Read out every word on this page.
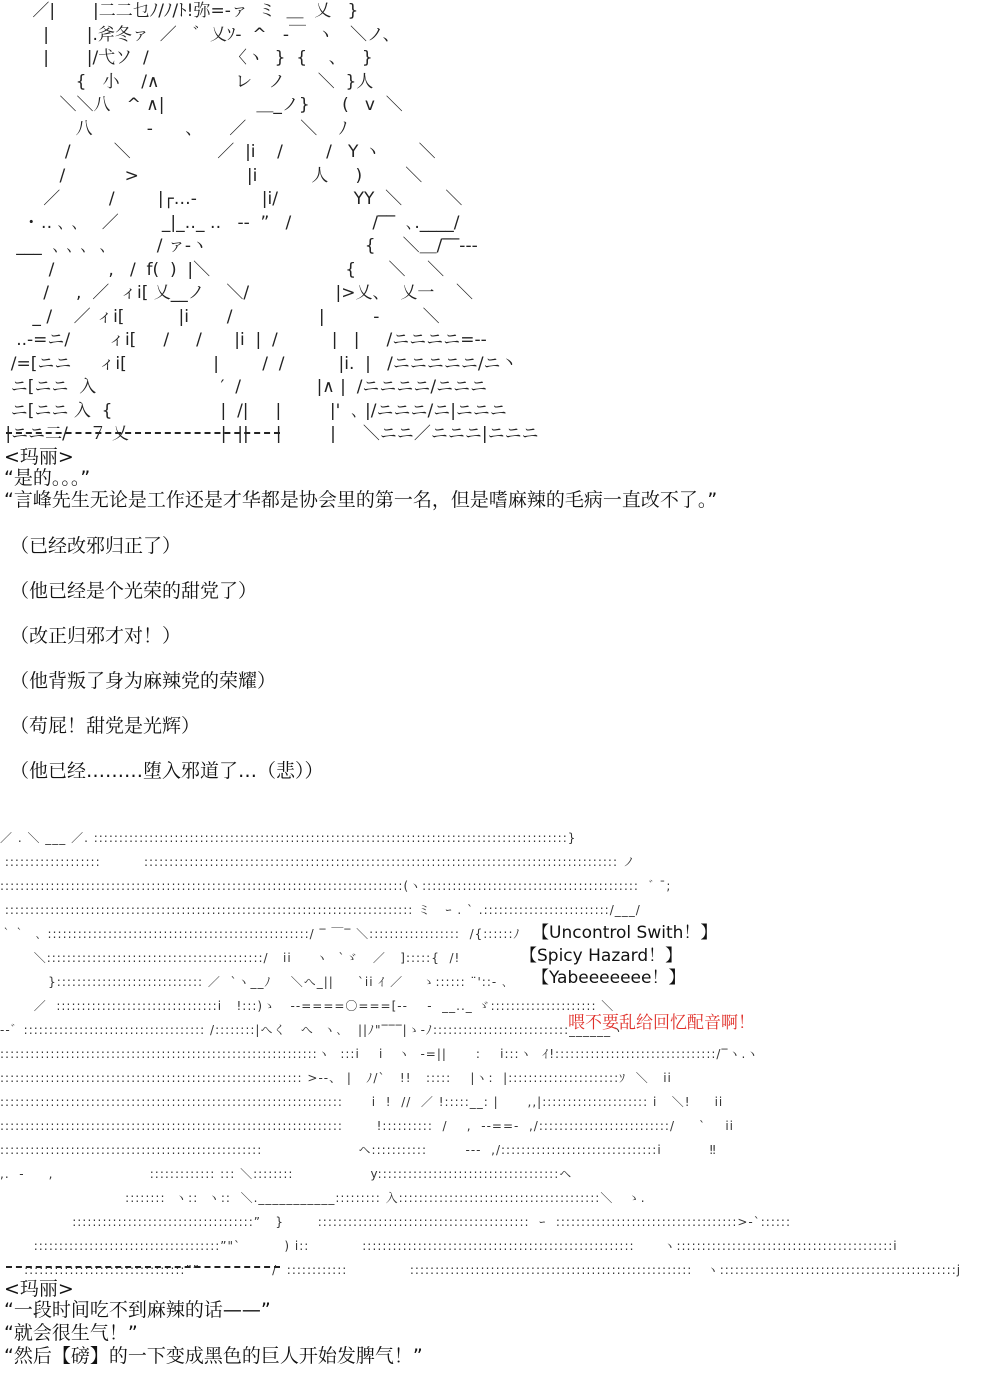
／|       |二二乜ﾉ/ﾉ/ﾄ!弥=-ァ  ミ  ＿  乂   }
|       |.斧冬ァ  ／   ゛乂ｿ‐  ^   ‐￣  ヽ   ＼ノ、
|       |/弋ソ  /               〈ヽ  }  {    、   }
{   小    /∧              レ   ノ      ＼  }人
＼＼八   ^ ∧|                 ＿_ノ}      (   v  ＼
八          -      、     ／          ＼    ﾉ
/        ＼                ／  |i    /        /   Y ヽ       ＼
/           >                    |i          人     )        ＼
／         /        |┌…-            |i/              YY  ＼        ＼
･ ‥ ､ ､    ／        _|_‥_ ‥   --  ”   /               /‾‾  ､.____/
___  ､ ､ ､  ､         / ァ‐ヽ                             {     ＼＿/‾‾---
/          ,   /  f(  )  |＼                         {      ＼    ＼
/     ,  ／  ィi[ 乂__ノ    ＼/                |>乂、  乂一    ＼
_ /    ／ ィi[          |i       /                |         -        ＼
..-=ニ/       ィi[     /     /      |i  |  /          |   |     /ニニニニ=--
/=[ニニ     ィi[                |        /  /          |i.  |   /ニニニニニ/ニ丶
ニ[ニニ  入                       ′  /              |∧ |  /ニニニニ/ニニニ
ニ[ニニ 入  {                    |  /|     |         |'  ､ |/ニニニ/ニ|ニニニ
|ニニ二/    ７ 乂                 |  ||     |         |     ＼ニニ／ニニニ|ニニニ
<玛丽>
“是的。。。”
“言峰先生无论是工作还是才华都是协会里的第一名，但是嗜麻辣的毛病一直改不了。”
（已经改邪归正了）
（他已经是个光荣的甜党了）
（改正归邪才对！）
（他背叛了身为麻辣党的荣耀）
（苟屁！甜党是光辉）
（他已经………堕入邪道了…（悲））
／ . ＼ ___ ／. ::::::::::::::::::::::::::::::::::::::::::::::::::::::::::::::::::::::::::::::::::::::::::::::}
:::::::::::::::::::         :::::::::::::::::::::::::::::::::::::::::::::::::::::::::::::::::::::::::::::::::::::::::::::: ノ
::::::::::::::::::::::::::::::::::::::::::::::::::::::::::::::::::::::::::::::::(ヽ:::::::::::::::::::::::::::::::::::::::::::  ゛ ̄;
::::::::::::::::::::::::::::::::::::::::::::::::::::::::::::::::::::::::::::::::: ミ   ｰ . ` .:::::::::::::::::::::::::/___/
｀｀  ､ ::::::::::::::::::::::::::::::::::::::::::::::::::::/ ‾ ￣‾ ＼::::::::::::::::::  /{::::::ﾉ
＼:::::::::::::::::::::::::::::::::::::::::::/   ii     ヽ  `ゞ   ／   ]:::::{  /!
}::::::::::::::::::::::::::::: ／  `ヽ__ﾉ    ＼へ_||     `ii ｲ ／    ゝ:::::: ¨'::‐ ､
／  ::::::::::::::::::::::::::::::::i   !:::)ゝ   --====〇===[--    ‐  __.._ ゞ::::::::::::::::::::: ＼
-‐゛:::::::::::::::::::::::::::::::::::: /::::::::|へく   へ  ヽ､   ||ﾉ"‾‾‾|ゝ-ﾉ:::::::::::::::::::::::::::______ヽ
:::::::::::::::::::::::::::::::::::::::::::::::::::::::::::::::ヽ  :::i    i   ヽ  ‐=||      :    i:::ヽ  ｲ!::::::::::::::::::::::::::::::::/‾ヽ.ヽ
:::::::::::::::::::::::::::::::::::::::::::::::::::::::::::: >--、 |   ﾉ/`   !!   :::::    |ヽ:  |::::::::::::::::::::::ｿ  ＼   ii
::::::::::::::::::::::::::::::::::::::::::::::::::::::::::::::::::::      i  !  //  ／ !:::::__: |      ,,|::::::::::::::::::::: i   ＼!     ii
::::::::::::::::::::::::::::::::::::::::::::::::::::::::::::::::::::       !::::::::::  /    ,  --==-  ,/::::::::::::::::::::::::::/     `    ii
::::::::::::::::::::::::::::::::::::::::::::::::::::                    ヘ:::::::::::        ‐‐‐  ,/:::::::::::::::::::::::::::::::i          ‼
,.  ‐     ,                    ::::::::::::: ::: ＼::::::::                y::::::::::::::::::::::::::::::::::::ヘ
::::::::  ヽ::  ヽ::  ＼.___________::::::::: 入::::::::::::::::::::::::::::::::::::::::＼   ゝ.
::::::::::::::::::::::::::::::::::::”   }       ::::::::::::::::::::::::::::::::::::::::::  ｰ  ::::::::::::::::::::::::::::::::::::>‐`::::::
:::::::::::::::::::::::::::::::::::::”"`         ) i::           ::::::::::::::::::::::::::::::::::::::::::::::::::::::      ヽ:::::::::::::::::::::::::::::::::::::::::::i
::::::::::::::::::::::::::::::::””               /  ::::::::::::             ::::::::::::::::::::::::::::::::::::::::::::::::::::::::   ヽ:::::::::::::::::::::::::::::::::::::::::::::::j
【Uncontrol Swith！】
【Spicy Hazard！】
【Yabeeeeeee！】
喂不要乱给回忆配音啊！
<玛丽>
“一段时间吃不到麻辣的话——”
“就会很生气！”
“然后【磅】的一下变成黑色的巨人开始发脾气！”
